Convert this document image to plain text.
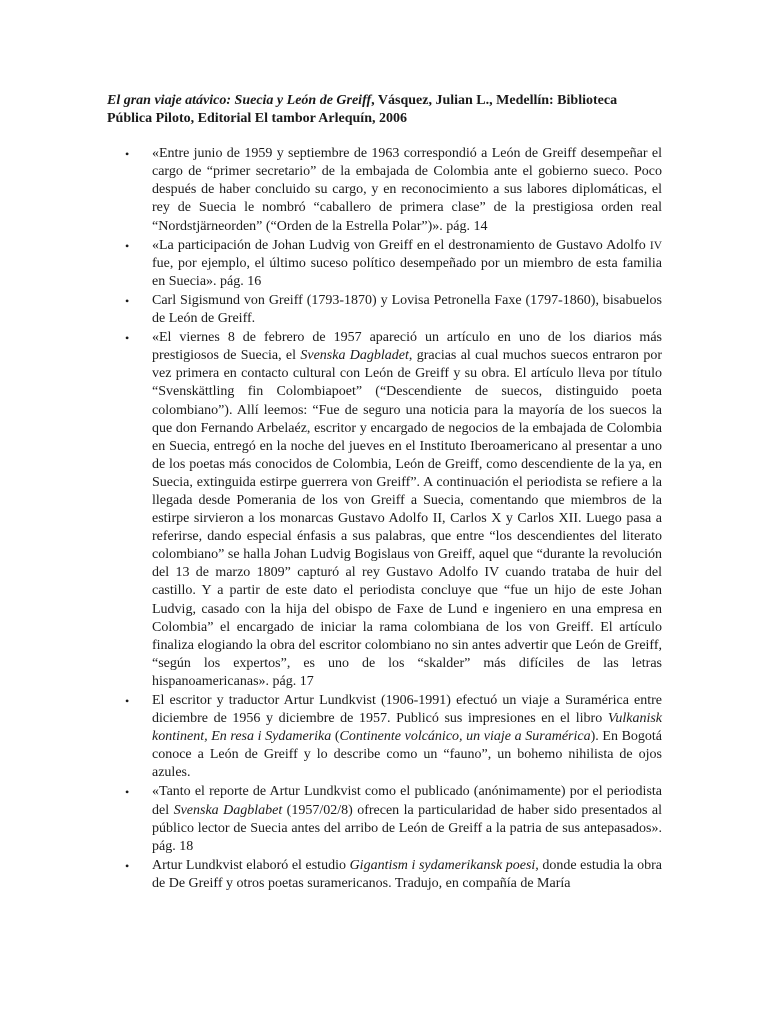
El gran viaje atávico: Suecia y León de Greiff, Vásquez, Julian L., Medellín: Biblioteca Pública Piloto, Editorial El tambor Arlequín, 2006

• «Entre junio de 1959 y septiembre de 1963 correspondió a León de Greiff desempeñar el cargo de “primer secretario” de la embajada de Colombia ante el gobierno sueco. Poco después de haber concluido su cargo, y en reconocimiento a sus labores diplomáticas, el rey de Suecia le nombró “caballero de primera clase” de la prestigiosa orden real “Nordstjärneorden” (“Orden de la Estrella Polar”)». pág. 14
• «La participación de Johan Ludvig von Greiff en el destronamiento de Gustavo Adolfo IV fue, por ejemplo, el último suceso político desempeñado por un miembro de esta familia en Suecia». pág. 16
• Carl Sigismund von Greiff (1793-1870) y Lovisa Petronella Faxe (1797-1860), bisabuelos de León de Greiff.
• «El viernes 8 de febrero de 1957 apareció un artículo en uno de los diarios más prestigiosos de Suecia, el Svenska Dagbladet, gracias al cual muchos suecos entraron por vez primera en contacto cultural con León de Greiff y su obra. El artículo lleva por título “Svenskättling fin Colombiapoet” (“Descendiente de suecos, distinguido poeta colombiano”). Allí leemos: “Fue de seguro una noticia para la mayoría de los suecos la que don Fernando Arbelaéz, escritor y encargado de negocios de la embajada de Colombia en Suecia, entregó en la noche del jueves en el Instituto Iberoamericano al presentar a uno de los poetas más conocidos de Colombia, León de Greiff, como descendiente de la ya, en Suecia, extinguida estirpe guerrera von Greiff”. A continuación el periodista se refiere a la llegada desde Pomerania de los von Greiff a Suecia, comentando que miembros de la estirpe sirvieron a los monarcas Gustavo Adolfo II, Carlos X y Carlos XII. Luego pasa a referirse, dando especial énfasis a sus palabras, que entre “los descendientes del literato colombiano” se halla Johan Ludvig Bogislaus von Greiff, aquel que “durante la revolución del 13 de marzo 1809” capturó al rey Gustavo Adolfo IV cuando trataba de huir del castillo. Y a partir de este dato el periodista concluye que “fue un hijo de este Johan Ludvig, casado con la hija del obispo de Faxe de Lund e ingeniero en una empresa en Colombia” el encargado de iniciar la rama colombiana de los von Greiff. El artículo finaliza elogiando la obra del escritor colombiano no sin antes advertir que León de Greiff, “según los expertos”, es uno de los “skalder” más difíciles de las letras hispanoamericanas». pág. 17
• El escritor y traductor Artur Lundkvist (1906-1991) efectuó un viaje a Suramérica entre diciembre de 1956 y diciembre de 1957. Publicó sus impresiones en el libro Vulkanisk kontinent, En resa i Sydamerika (Continente volcánico, un viaje a Suramérica). En Bogotá conoce a León de Greiff y lo describe como un “fauno”, un bohemo nihilista de ojos azules.
• «Tanto el reporte de Artur Lundkvist como el publicado (anónimamente) por el periodista del Svenska Dagblabet (1957/02/8) ofrecen la particularidad de haber sido presentados al público lector de Suecia antes del arribo de León de Greiff a la patria de sus antepasados». pág. 18
• Artur Lundkvist elaboró el estudio Gigantism i sydamerikansk poesi, donde estudia la obra de De Greiff y otros poetas suramericanos. Tradujo, en compañía de María
